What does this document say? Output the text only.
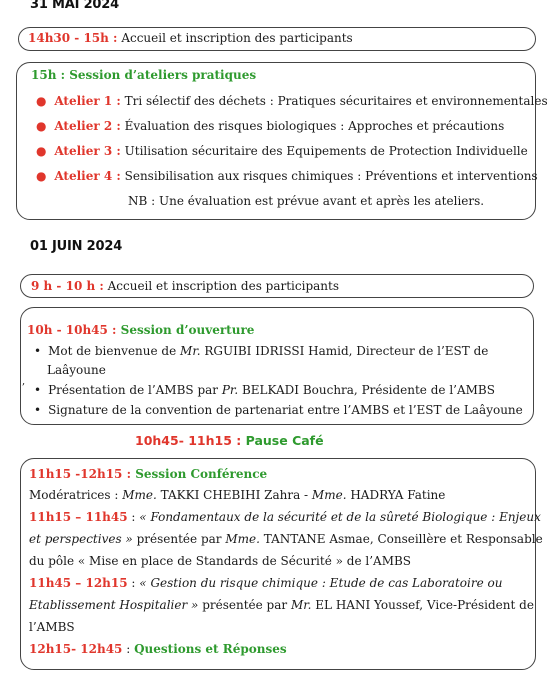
31 MAI 2024
14h30 - 15h : Accueil et inscription des participants
15h : Session d’ateliers pratiques
● Atelier 1 : Tri sélectif des déchets : Pratiques sécuritaires et environnementales
● Atelier 2 : Évaluation des risques biologiques : Approches et précautions
● Atelier 3 : Utilisation sécuritaire des Equipements de Protection Individuelle
● Atelier 4 : Sensibilisation aux risques chimiques : Préventions et interventions
NB : Une évaluation est prévue avant et après les ateliers.
01 JUIN 2024
9 h - 10 h : Accueil et inscription des participants
10h - 10h45 : Session d’ouverture
• Mot de bienvenue de Mr. RGUIBI IDRISSI Hamid, Directeur de l’EST de
Laâyoune
,
• Présentation de l’AMBS par Pr. BELKADI Bouchra, Présidente de l’AMBS
• Signature de la convention de partenariat entre l’AMBS et l’EST de Laâyoune
10h45- 11h15 : Pause Café
11h15 -12h15 : Session Conférence
Modératrices : Mme. TAKKI CHEBIHI Zahra - Mme. HADRYA Fatine
11h15 – 11h45 : « Fondamentaux de la sécurité et de la sûreté Biologique : Enjeux
et perspectives » présentée par Mme. TANTANE Asmae, Conseillère et Responsable
du pôle « Mise en place de Standards de Sécurité » de l’AMBS
11h45 – 12h15 : « Gestion du risque chimique : Etude de cas Laboratoire ou
Etablissement Hospitalier » présentée par Mr. EL HANI Youssef, Vice-Président de
l’AMBS
12h15- 12h45 : Questions et Réponses
